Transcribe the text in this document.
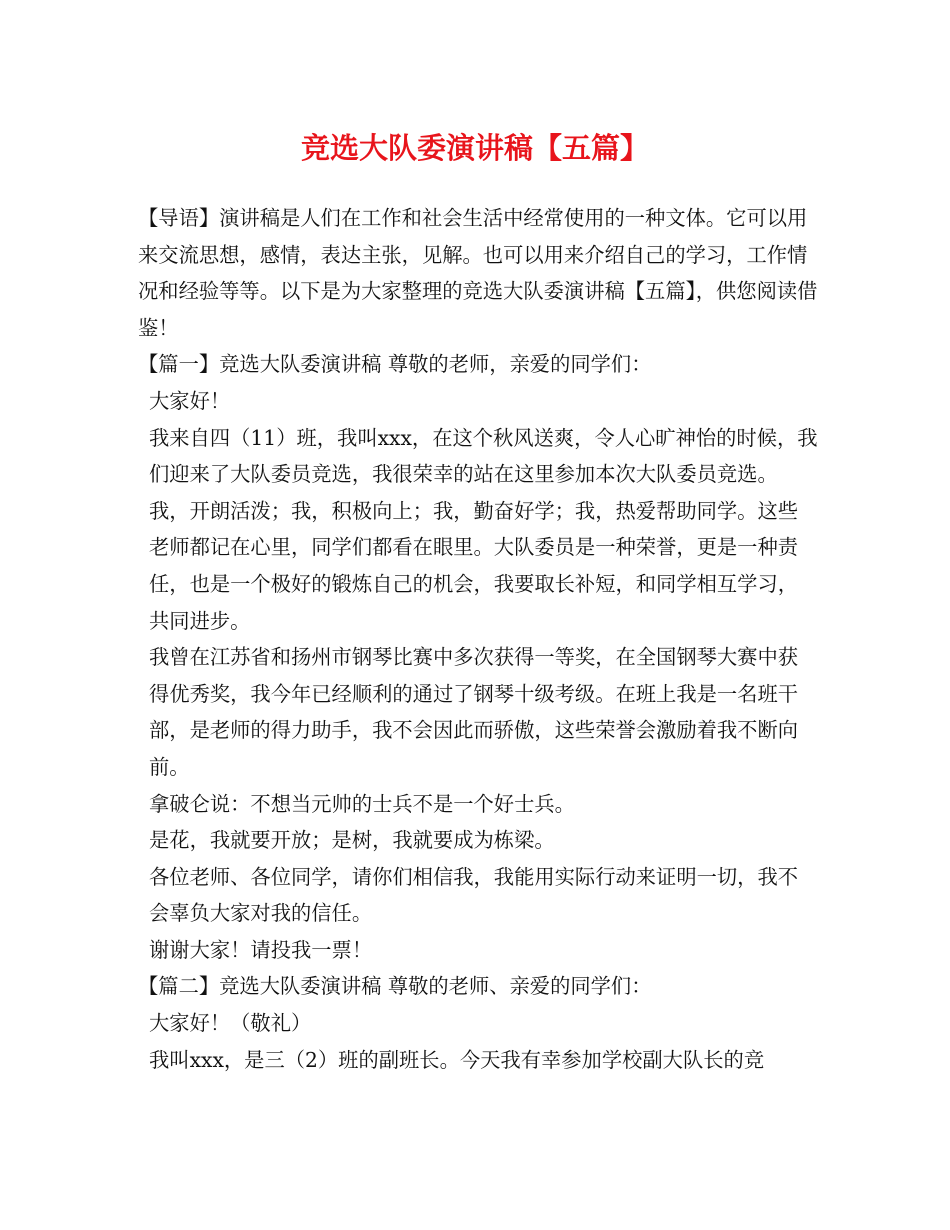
竞选大队委演讲稿【五篇】

【导语】演讲稿是人们在工作和社会生活中经常使用的一种文体。它可以用来交流思想，感情，表达主张，见解。也可以用来介绍自己的学习，工作情况和经验等等。以下是为大家整理的竞选大队委演讲稿【五篇】，供您阅读借鉴！

【篇一】竞选大队委演讲稿 尊敬的老师，亲爱的同学们：

大家好！

我来自四（11）班，我叫xxx，在这个秋风送爽，令人心旷神怡的时候，我们迎来了大队委员竞选，我很荣幸的站在这里参加本次大队委员竞选。

我，开朗活泼；我，积极向上；我，勤奋好学；我，热爱帮助同学。这些老师都记在心里，同学们都看在眼里。大队委员是一种荣誉，更是一种责任，也是一个极好的锻炼自己的机会，我要取长补短，和同学相互学习，共同进步。

我曾在江苏省和扬州市钢琴比赛中多次获得一等奖，在全国钢琴大赛中获得优秀奖，我今年已经顺利的通过了钢琴十级考级。在班上我是一名班干部，是老师的得力助手，我不会因此而骄傲，这些荣誉会激励着我不断向前。

拿破仑说：不想当元帅的士兵不是一个好士兵。

是花，我就要开放；是树，我就要成为栋梁。

各位老师、各位同学，请你们相信我，我能用实际行动来证明一切，我不会辜负大家对我的信任。

谢谢大家！请投我一票！

【篇二】竞选大队委演讲稿 尊敬的老师、亲爱的同学们：

大家好！（敬礼）

我叫xxx，是三（2）班的副班长。今天我有幸参加学校副大队长的竞
